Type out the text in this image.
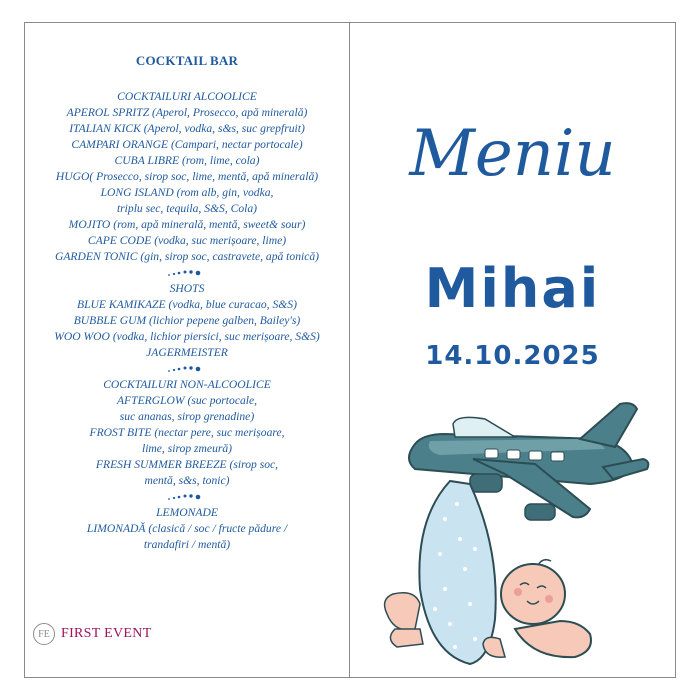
COCKTAIL BAR
COCKTAILURI ALCOOLICE
APEROL SPRITZ (Aperol, Prosecco, apă minerală)
ITALIAN KICK (Aperol, vodka, s&s, suc grepfruit)
CAMPARI ORANGE (Campari, nectar portocale)
CUBA LIBRE (rom, lime, cola)
HUGO( Prosecco, sirop soc, lime, mentă, apă minerală)
LONG ISLAND (rom alb, gin, vodka,
triplu sec, tequila, S&S, Cola)
MOJITO (rom, apă minerală, mentă, sweet& sour)
CAPE CODE (vodka, suc merișoare, lime)
GARDEN TONIC (gin, sirop soc, castravete, apă tonică)
SHOTS
BLUE KAMIKAZE (vodka, blue curacao, S&S)
BUBBLE GUM (lichior pepene galben, Bailey's)
WOO WOO (vodka, lichior piersici, suc merișoare, S&S)
JAGERMEISTER
COCKTAILURI NON-ALCOOLICE
AFTERGLOW (suc portocale,
suc ananas, sirop grenadine)
FROST BITE (nectar pere, suc merișoare,
lime, sirop zmeură)
FRESH SUMMER BREEZE (sirop soc,
mentă, s&s, tonic)
LEMONADE
LIMONADĂ (clasică / soc / fructe pădure /
trandafiri / mentă)
FE FIRST EVENT
Meniu
Mihai
14.10.2025
